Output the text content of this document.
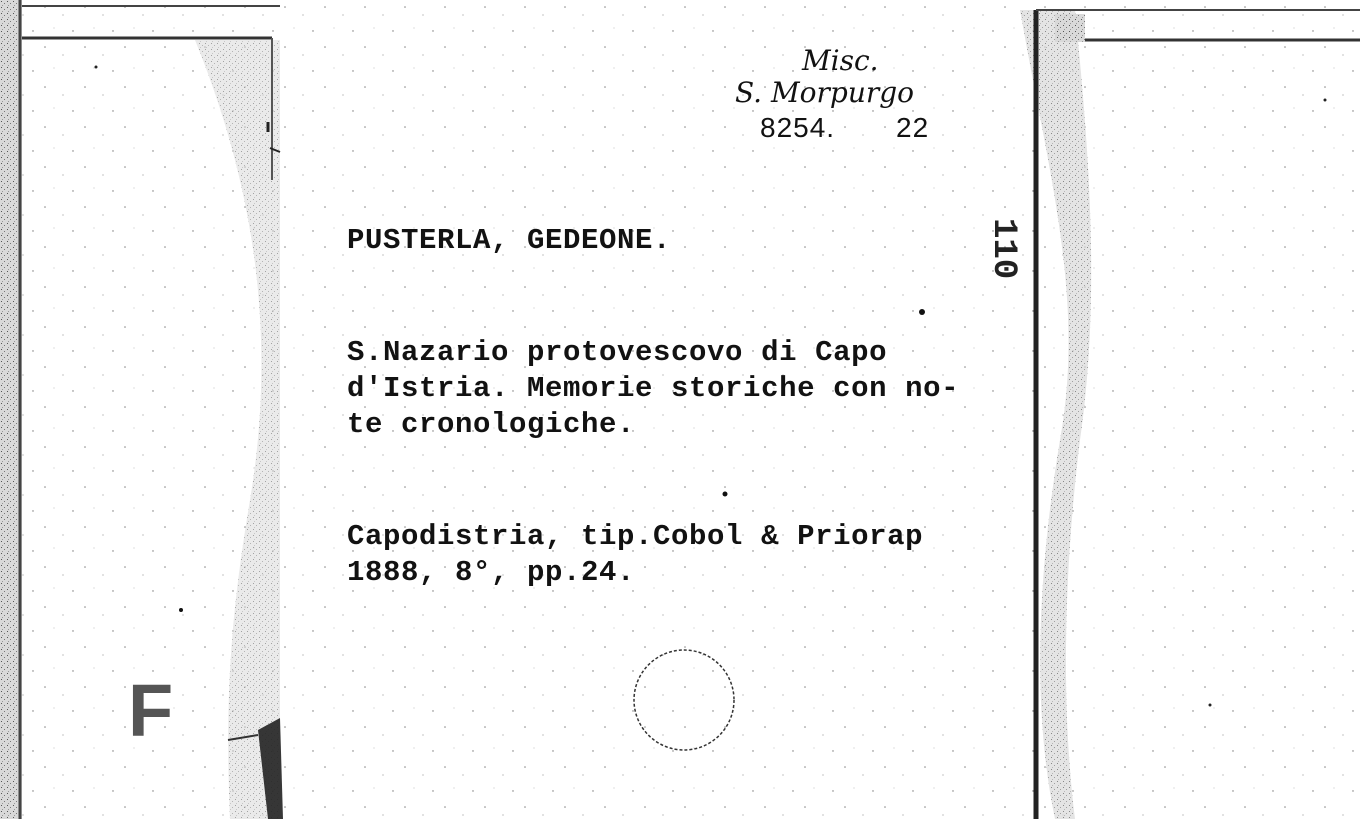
Misc.
S. Morpurgo
8254. 22
110
PUSTERLA, GEDEONE.
S.Nazario protovescovo di Capo
d'Istria. Memorie storiche con no-
te cronologiche.
Capodistria, tip.Cobol & Priorap
1888, 8°, pp.24.
F
